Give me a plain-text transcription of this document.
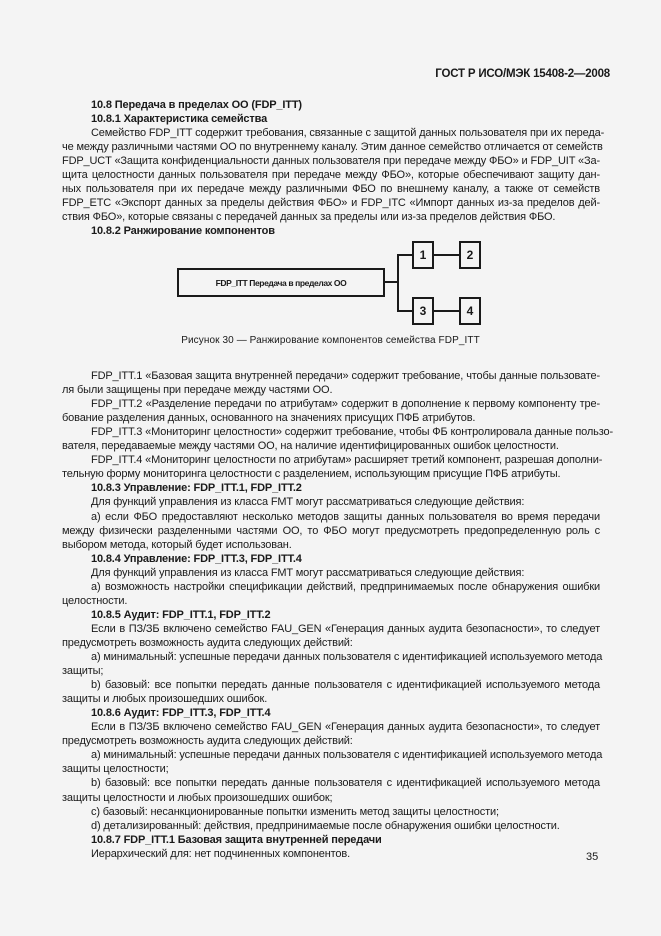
ГОСТ Р ИСО/МЭК 15408-2—2008
10.8 Передача в пределах ОО (FDP_ITT)
10.8.1 Характеристика семейства
Семейство FDP_ITT содержит требования, связанные с защитой данных пользователя при их переда-
че между различными частями ОО по внутреннему каналу. Этим данное семейство отличается от семейств
FDP_UCT «Защита конфиденциальности данных пользователя при передаче между ФБО» и FDP_UIT «За-
щита целостности данных пользователя при передаче между ФБО», которые обеспечивают защиту дан-
ных пользователя при их передаче между различными ФБО по внешнему каналу, а также от семейств
FDP_ETC «Экспорт данных за пределы действия ФБО» и FDP_ITC «Импорт данных из-за пределов дей-
ствия ФБО», которые связаны с передачей данных за пределы или из-за пределов действия ФБО.
10.8.2 Ранжирование компонентов
FDP_ITT Передача в пределах ОО
1	2
3	4
Рисунок 30 — Ранжирование компонентов семейства FDP_ITT
FDP_ITT.1 «Базовая защита внутренней передачи» содержит требование, чтобы данные пользовате-
ля были защищены при передаче между частями ОО.
FDP_ITT.2 «Разделение передачи по атрибутам» содержит в дополнение к первому компоненту тре-
бование разделения данных, основанного на значениях присущих ПФБ атрибутов.
FDP_ITT.3 «Мониторинг целостности» содержит требование, чтобы ФБ контролировала данные пользо-
вателя, передаваемые между частями ОО, на наличие идентифицированных ошибок целостности.
FDP_ITT.4 «Мониторинг целостности по атрибутам» расширяет третий компонент, разрешая дополни-
тельную форму мониторинга целостности с разделением, использующим присущие ПФБ атрибуты.
10.8.3 Управление: FDP_ITT.1, FDP_ITT.2
Для функций управления из класса FMT могут рассматриваться следующие действия:
a) если ФБО предоставляют несколько методов защиты данных пользователя во время передачи
между физически разделенными частями ОО, то ФБО могут предусмотреть предопределенную роль с
выбором метода, который будет использован.
10.8.4 Управление: FDP_ITT.3, FDP_ITT.4
Для функций управления из класса FMT могут рассматриваться следующие действия:
a) возможность настройки спецификации действий, предпринимаемых после обнаружения ошибки
целостности.
10.8.5 Аудит: FDP_ITT.1, FDP_ITT.2
Если в ПЗ/ЗБ включено семейство FAU_GEN «Генерация данных аудита безопасности», то следует
предусмотреть возможность аудита следующих действий:
a) минимальный: успешные передачи данных пользователя с идентификацией используемого метода
защиты;
b) базовый: все попытки передать данные пользователя с идентификацией используемого метода
защиты и любых произошедших ошибок.
10.8.6 Аудит: FDP_ITT.3, FDP_ITT.4
Если в ПЗ/ЗБ включено семейство FAU_GEN «Генерация данных аудита безопасности», то следует
предусмотреть возможность аудита следующих действий:
a) минимальный: успешные передачи данных пользователя с идентификацией используемого метода
защиты целостности;
b) базовый: все попытки передать данные пользователя с идентификацией используемого метода
защиты целостности и любых произошедших ошибок;
c) базовый: несанкционированные попытки изменить метод защиты целостности;
d) детализированный: действия, предпринимаемые после обнаружения ошибки целостности.
10.8.7 FDP_ITT.1 Базовая защита внутренней передачи
Иерархический для: нет подчиненных компонентов.	35
